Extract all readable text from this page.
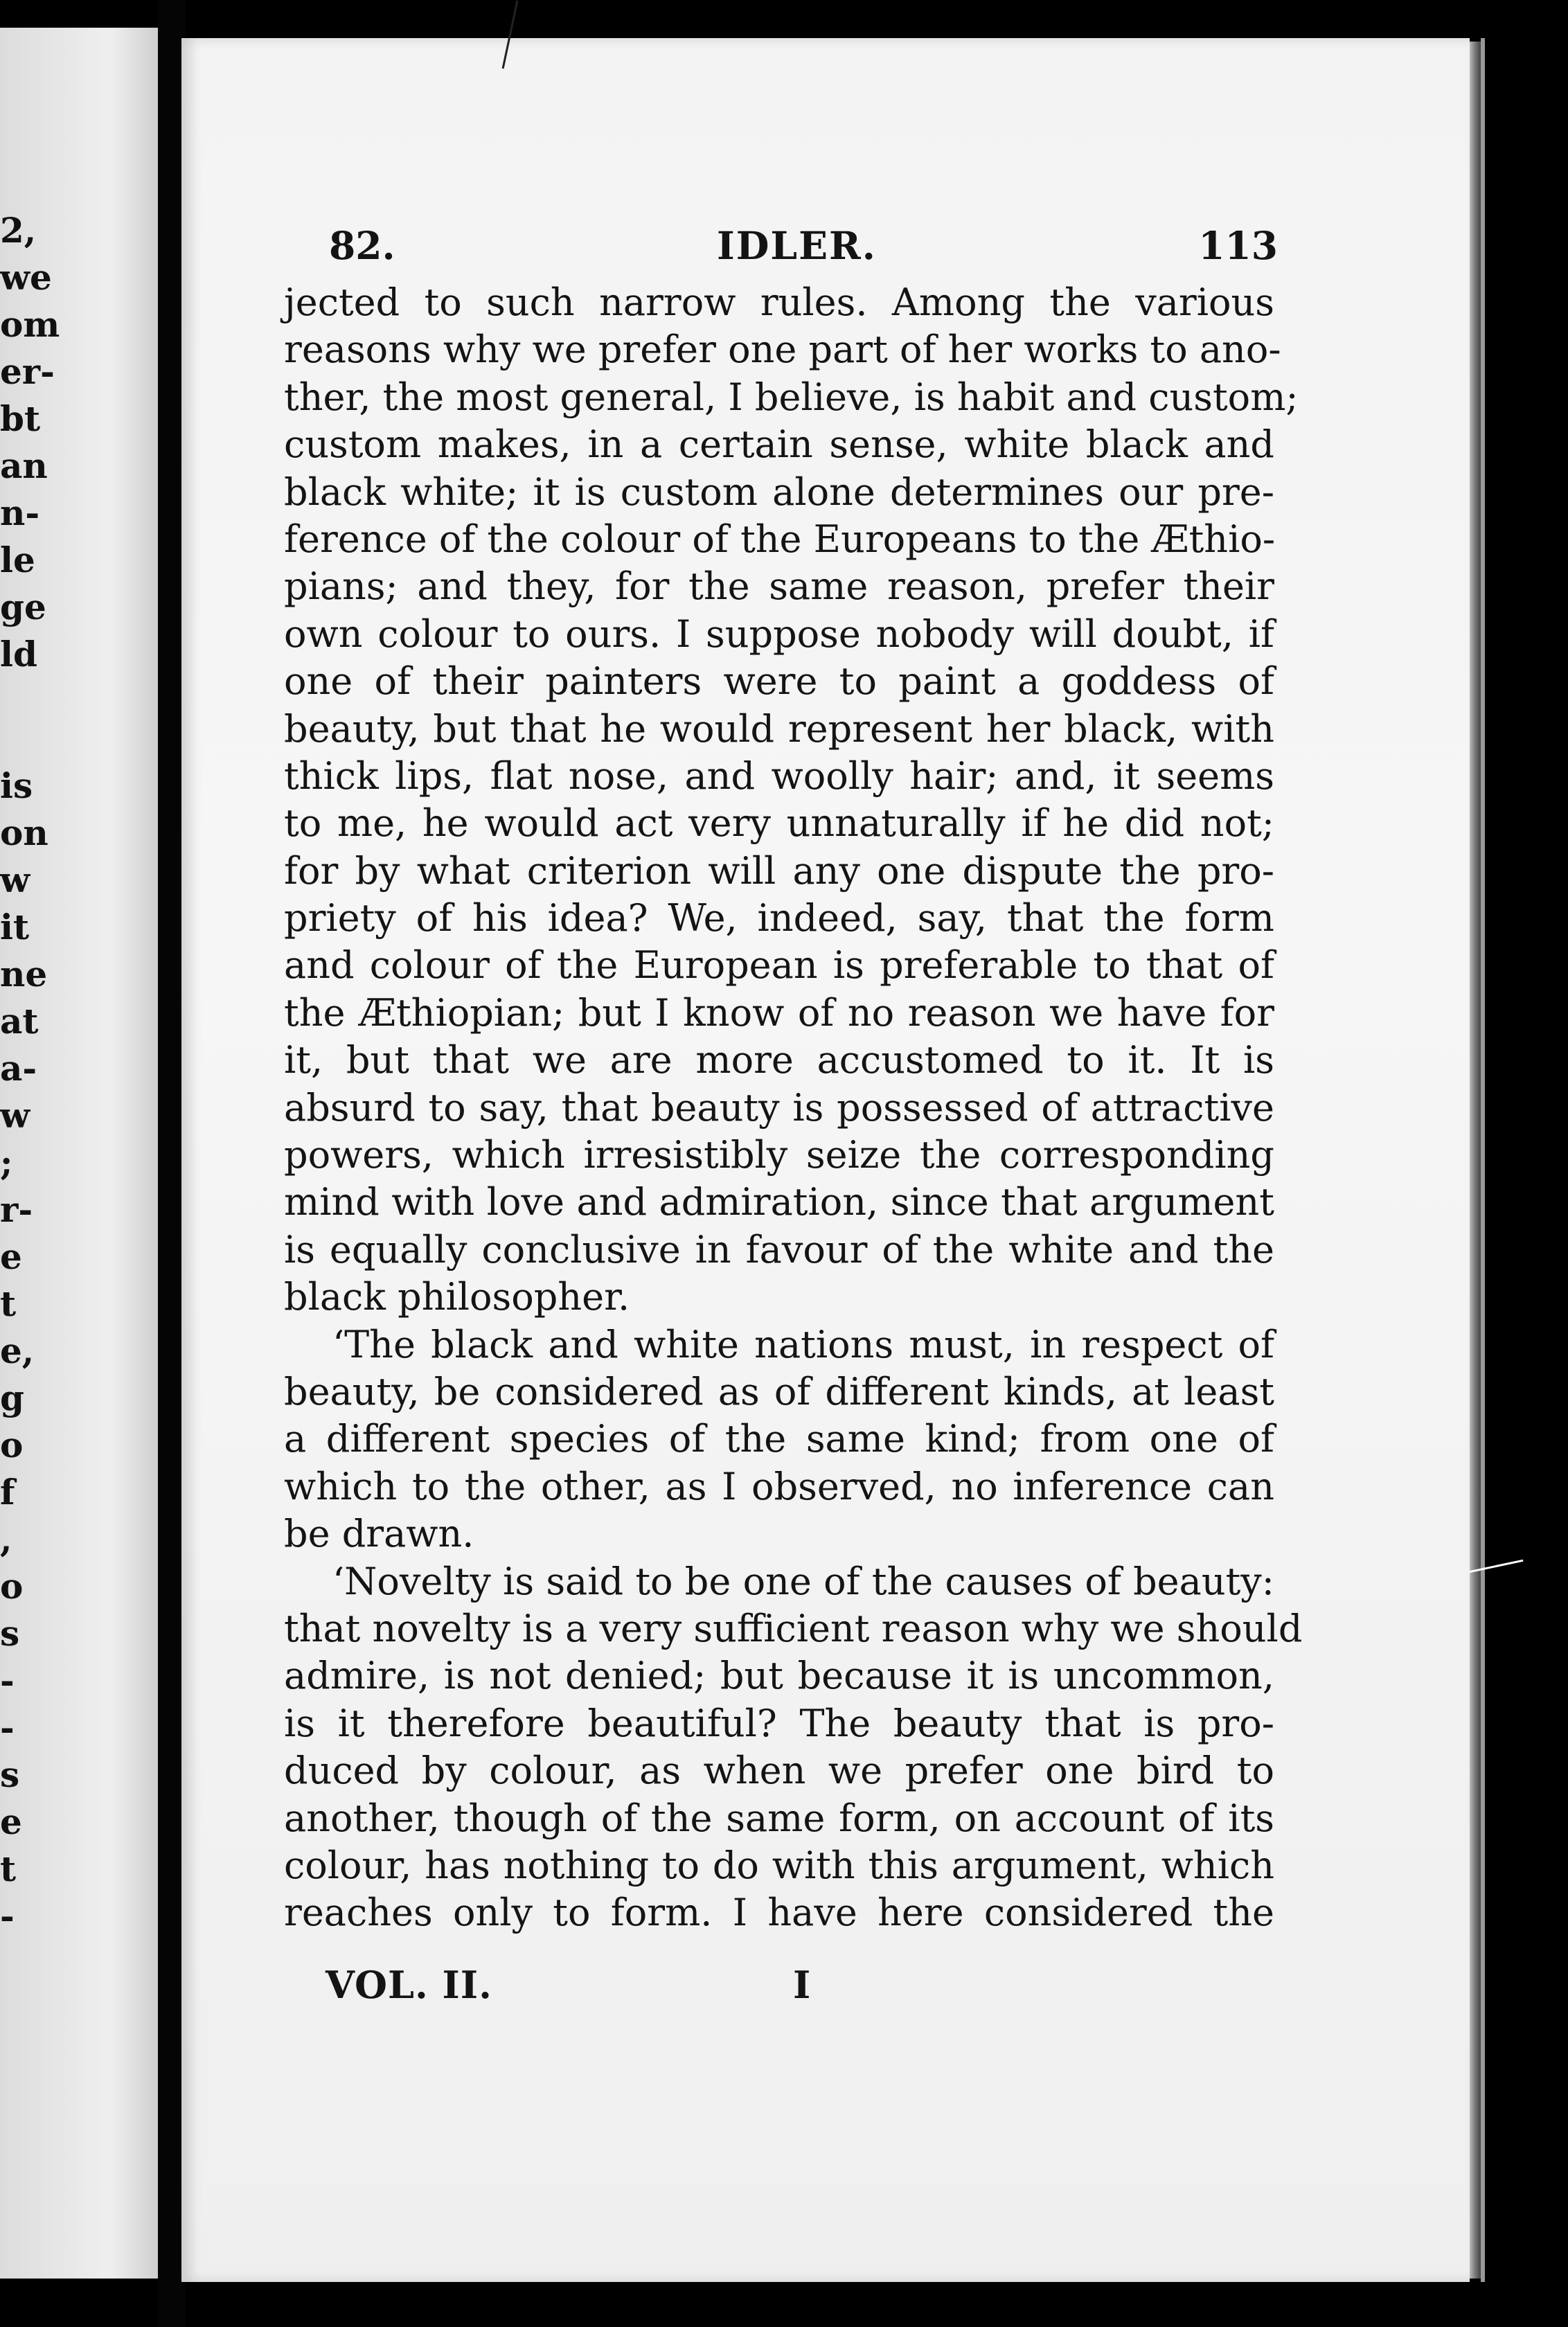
2,
we
om
er-
bt
an
n-
le
ge
ld
is
on
w
it
ne
at
a-
w
;
r-
e
t
e,
g
o
f
,
o
s
-
-
s
e
t
-
82.	IDLER.	113
jected to such narrow rules. Among the various
reasons why we prefer one part of her works to ano-
ther, the most general, I believe, is habit and custom;
custom makes, in a certain sense, white black and
black white; it is custom alone determines our pre-
ference of the colour of the Europeans to the Æthio-
pians; and they, for the same reason, prefer their
own colour to ours. I suppose nobody will doubt, if
one of their painters were to paint a goddess of
beauty, but that he would represent her black, with
thick lips, flat nose, and woolly hair; and, it seems
to me, he would act very unnaturally if he did not;
for by what criterion will any one dispute the pro-
priety of his idea? We, indeed, say, that the form
and colour of the European is preferable to that of
the Æthiopian; but I know of no reason we have for
it, but that we are more accustomed to it. It is
absurd to say, that beauty is possessed of attractive
powers, which irresistibly seize the corresponding
mind with love and admiration, since that argument
is equally conclusive in favour of the white and the
black philosopher.
‘The black and white nations must, in respect of
beauty, be considered as of different kinds, at least
a different species of the same kind; from one of
which to the other, as I observed, no inference can
be drawn.
‘Novelty is said to be one of the causes of beauty:
that novelty is a very sufficient reason why we should
admire, is not denied; but because it is uncommon,
is it therefore beautiful? The beauty that is pro-
duced by colour, as when we prefer one bird to
another, though of the same form, on account of its
colour, has nothing to do with this argument, which
reaches only to form. I have here considered the
VOL. II.	I
